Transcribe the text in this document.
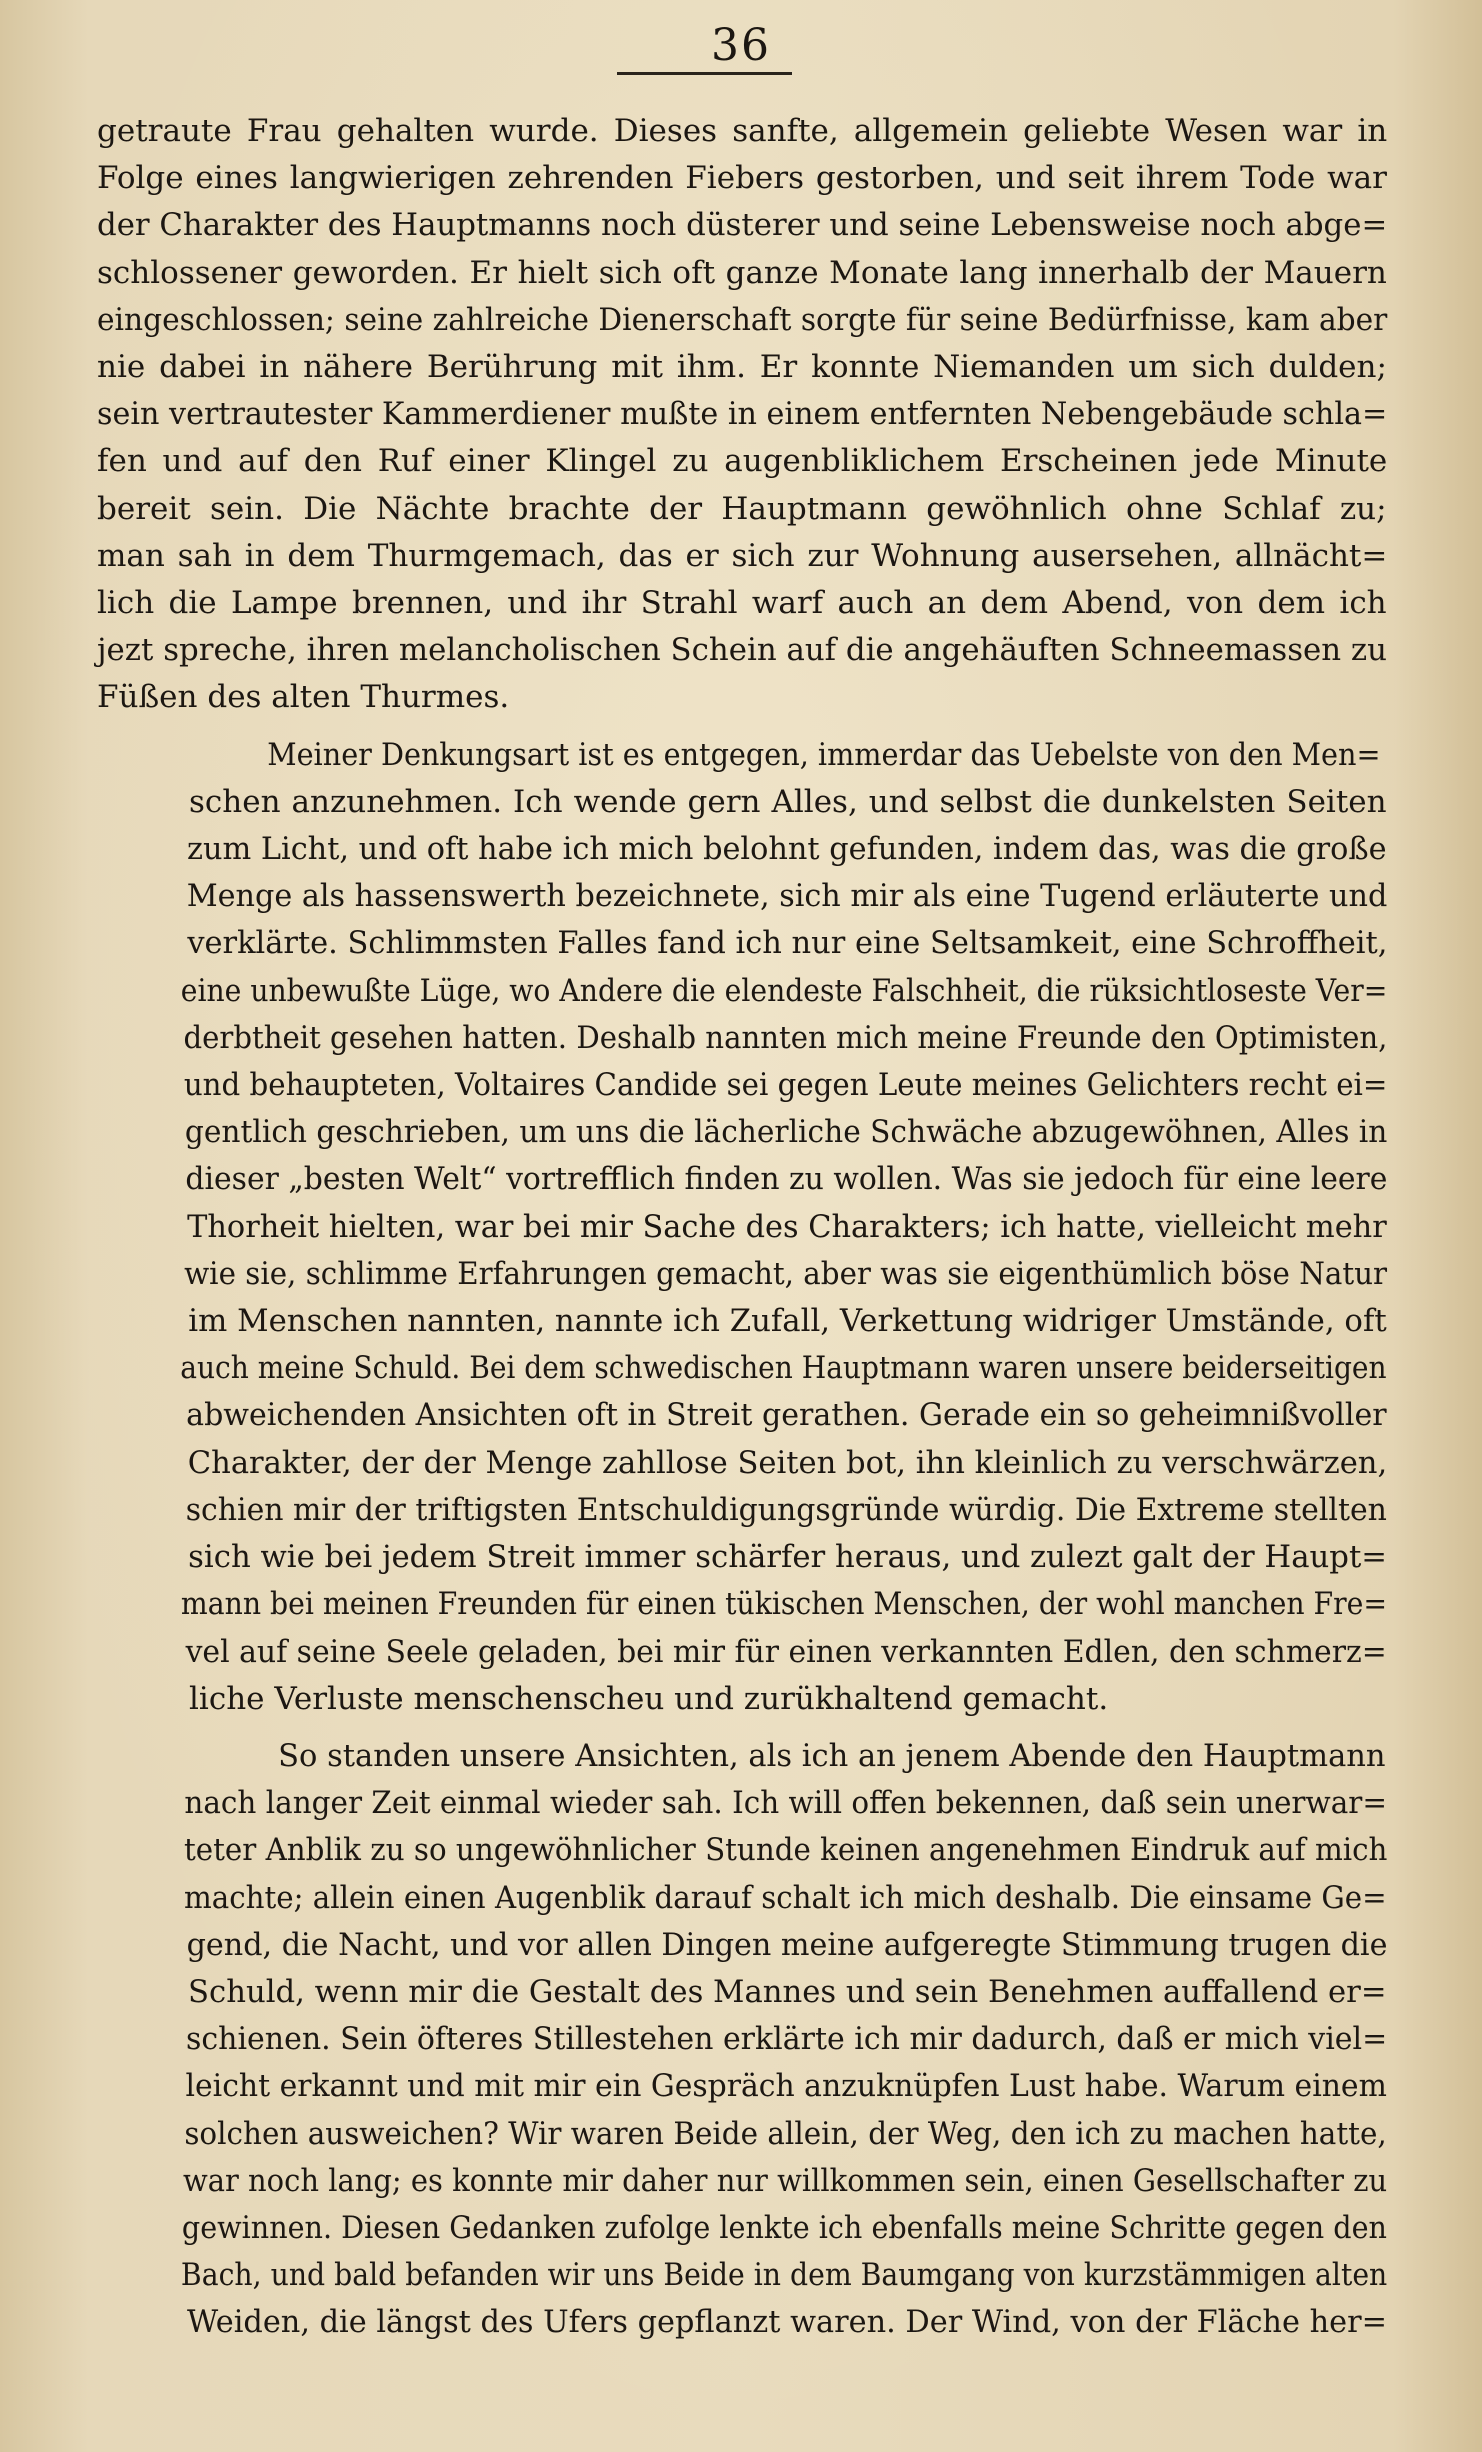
36
getraute Frau gehalten wurde. Dieses sanfte, allgemein geliebte Wesen war in
Folge eines langwierigen zehrenden Fiebers gestorben, und seit ihrem Tode war
der Charakter des Hauptmanns noch düsterer und seine Lebensweise noch abge=
schlossener geworden. Er hielt sich oft ganze Monate lang innerhalb der Mauern
eingeschlossen; seine zahlreiche Dienerschaft sorgte für seine Bedürfnisse, kam aber
nie dabei in nähere Berührung mit ihm. Er konnte Niemanden um sich dulden;
sein vertrautester Kammerdiener mußte in einem entfernten Nebengebäude schla=
fen und auf den Ruf einer Klingel zu augenbliklichem Erscheinen jede Minute
bereit sein. Die Nächte brachte der Hauptmann gewöhnlich ohne Schlaf zu;
man sah in dem Thurmgemach, das er sich zur Wohnung ausersehen, allnächt=
lich die Lampe brennen, und ihr Strahl warf auch an dem Abend, von dem ich
jezt spreche, ihren melancholischen Schein auf die angehäuften Schneemassen zu
Füßen des alten Thurmes.
Meiner Denkungsart ist es entgegen, immerdar das Uebelste von den Men=
schen anzunehmen. Ich wende gern Alles, und selbst die dunkelsten Seiten
zum Licht, und oft habe ich mich belohnt gefunden, indem das, was die große
Menge als hassenswerth bezeichnete, sich mir als eine Tugend erläuterte und
verklärte. Schlimmsten Falles fand ich nur eine Seltsamkeit, eine Schroffheit,
eine unbewußte Lüge, wo Andere die elendeste Falschheit, die rüksichtloseste Ver=
derbtheit gesehen hatten. Deshalb nannten mich meine Freunde den Optimisten,
und behaupteten, Voltaires Candide sei gegen Leute meines Gelichters recht ei=
gentlich geschrieben, um uns die lächerliche Schwäche abzugewöhnen, Alles in
dieser „besten Welt“ vortrefflich finden zu wollen. Was sie jedoch für eine leere
Thorheit hielten, war bei mir Sache des Charakters; ich hatte, vielleicht mehr
wie sie, schlimme Erfahrungen gemacht, aber was sie eigenthümlich böse Natur
im Menschen nannten, nannte ich Zufall, Verkettung widriger Umstände, oft
auch meine Schuld. Bei dem schwedischen Hauptmann waren unsere beiderseitigen
abweichenden Ansichten oft in Streit gerathen. Gerade ein so geheimnißvoller
Charakter, der der Menge zahllose Seiten bot, ihn kleinlich zu verschwärzen,
schien mir der triftigsten Entschuldigungsgründe würdig. Die Extreme stellten
sich wie bei jedem Streit immer schärfer heraus, und zulezt galt der Haupt=
mann bei meinen Freunden für einen tükischen Menschen, der wohl manchen Fre=
vel auf seine Seele geladen, bei mir für einen verkannten Edlen, den schmerz=
liche Verluste menschenscheu und zurükhaltend gemacht.
So standen unsere Ansichten, als ich an jenem Abende den Hauptmann
nach langer Zeit einmal wieder sah. Ich will offen bekennen, daß sein unerwar=
teter Anblik zu so ungewöhnlicher Stunde keinen angenehmen Eindruk auf mich
machte; allein einen Augenblik darauf schalt ich mich deshalb. Die einsame Ge=
gend, die Nacht, und vor allen Dingen meine aufgeregte Stimmung trugen die
Schuld, wenn mir die Gestalt des Mannes und sein Benehmen auffallend er=
schienen. Sein öfteres Stillestehen erklärte ich mir dadurch, daß er mich viel=
leicht erkannt und mit mir ein Gespräch anzuknüpfen Lust habe. Warum einem
solchen ausweichen? Wir waren Beide allein, der Weg, den ich zu machen hatte,
war noch lang; es konnte mir daher nur willkommen sein, einen Gesellschafter zu
gewinnen. Diesen Gedanken zufolge lenkte ich ebenfalls meine Schritte gegen den
Bach, und bald befanden wir uns Beide in dem Baumgang von kurzstämmigen alten
Weiden, die längst des Ufers gepflanzt waren. Der Wind, von der Fläche her=
